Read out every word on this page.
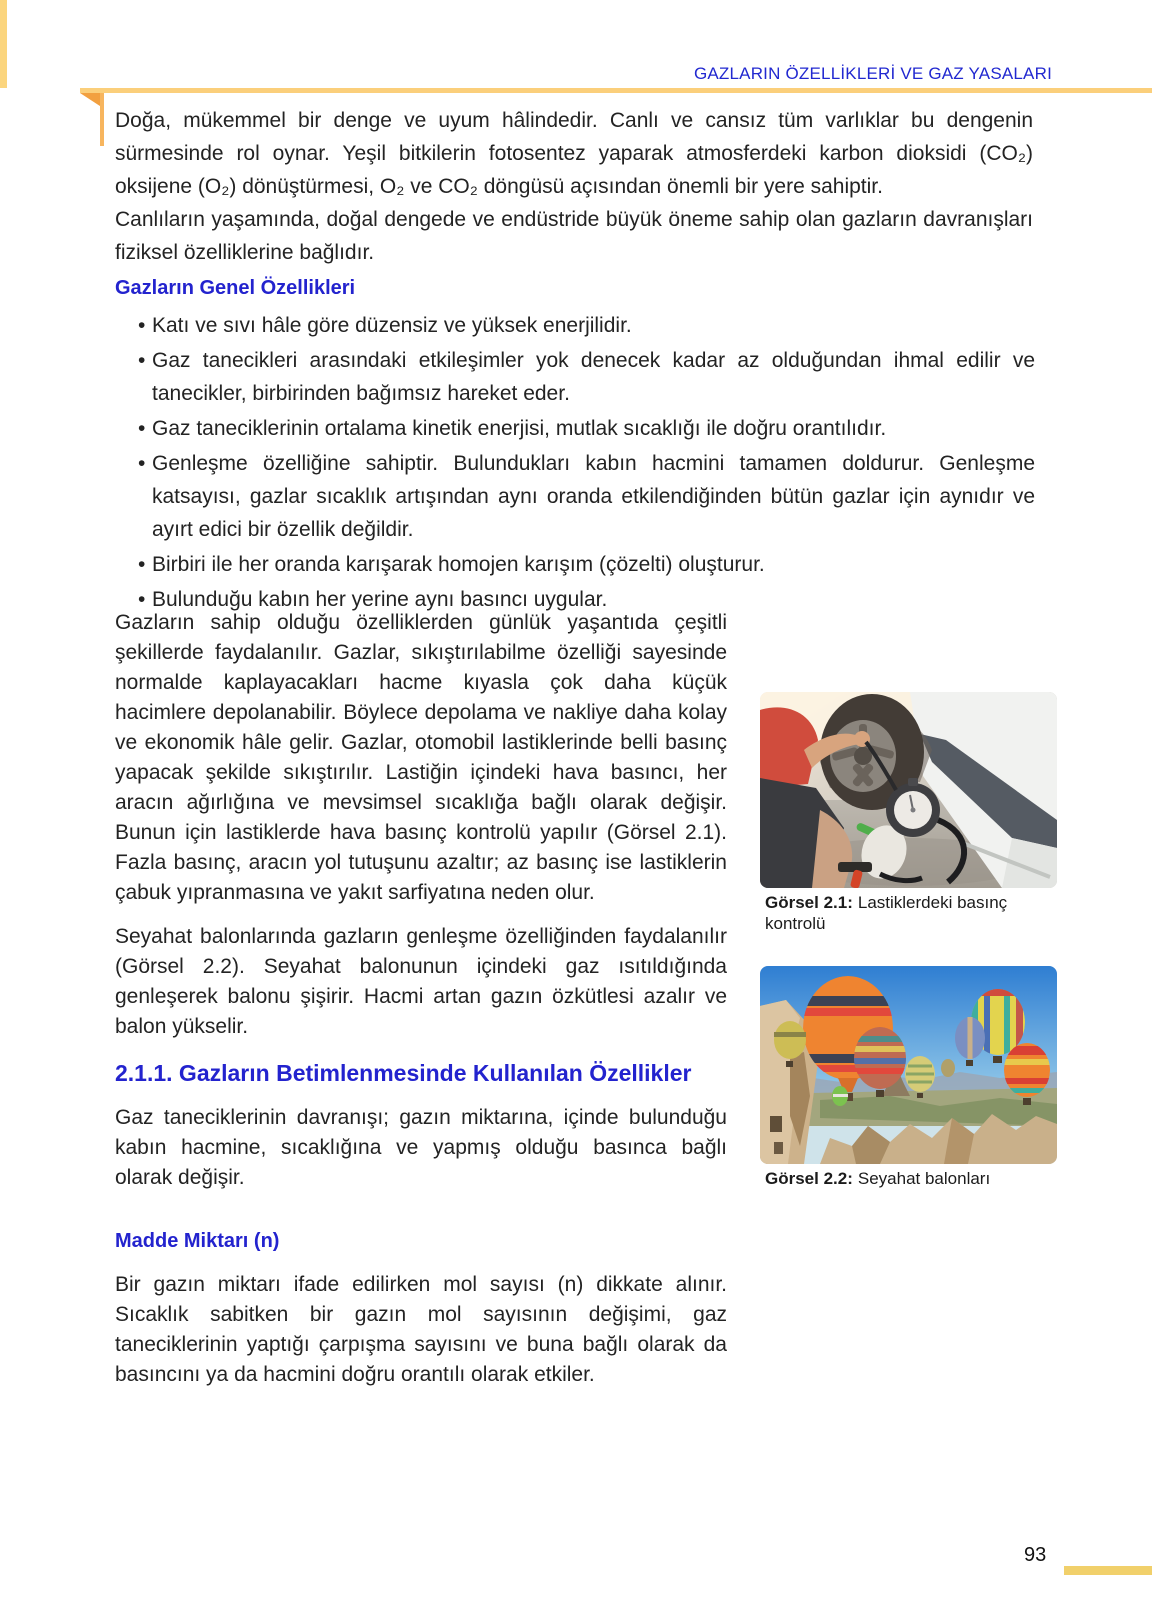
GAZLARIN ÖZELLİKLERİ VE GAZ YASALARI

Doğa, mükemmel bir denge ve uyum hâlindedir. Canlı ve cansız tüm varlıklar bu dengenin sürmesinde rol oynar. Yeşil bitkilerin fotosentez yaparak atmosferdeki karbon dioksidi (CO₂) oksijene (O₂) dönüştürmesi, O₂ ve CO₂ döngüsü açısından önemli bir yere sahiptir.

Canlıların yaşamında, doğal dengede ve endüstride büyük öneme sahip olan gazların davranışları fiziksel özelliklerine bağlıdır.

Gazların Genel Özellikleri
• Katı ve sıvı hâle göre düzensiz ve yüksek enerjilidir.
• Gaz tanecikleri arasındaki etkileşimler yok denecek kadar az olduğundan ihmal edilir ve tanecikler, birbirinden bağımsız hareket eder.
• Gaz taneciklerinin ortalama kinetik enerjisi, mutlak sıcaklığı ile doğru orantılıdır.
• Genleşme özelliğine sahiptir. Bulundukları kabın hacmini tamamen doldurur. Genleşme katsayısı, gazlar sıcaklık artışından aynı oranda etkilendiğinden bütün gazlar için aynıdır ve ayırt edici bir özellik değildir.
• Birbiri ile her oranda karışarak homojen karışım (çözelti) oluşturur.
• Bulunduğu kabın her yerine aynı basıncı uygular.

Gazların sahip olduğu özelliklerden günlük yaşantıda çeşitli şekillerde faydalanılır. Gazlar, sıkıştırılabilme özelliği sayesinde normalde kaplayacakları hacme kıyasla çok daha küçük hacimlere depolanabilir. Böylece depolama ve nakliye daha kolay ve ekonomik hâle gelir. Gazlar, otomobil lastiklerinde belli basınç yapacak şekilde sıkıştırılır. Lastiğin içindeki hava basıncı, her aracın ağırlığına ve mevsimsel sıcaklığa bağlı olarak değişir. Bunun için lastiklerde hava basınç kontrolü yapılır (Görsel 2.1). Fazla basınç, aracın yol tutuşunu azaltır; az basınç ise lastiklerin çabuk yıpranmasına ve yakıt sarfiyatına neden olur.

Seyahat balonlarında gazların genleşme özelliğinden faydalanılır (Görsel 2.2). Seyahat balonunun içindeki gaz ısıtıldığında genleşerek balonu şişirir. Hacmi artan gazın özkütlesi azalır ve balon yükselir.

Görsel 2.1: Lastiklerdeki basınç kontrolü
Görsel 2.2: Seyahat balonları
2.1.1. Gazların Betimlenmesinde Kullanılan Özellikler

Gaz taneciklerinin davranışı; gazın miktarına, içinde bulunduğu kabın hacmine, sıcaklığına ve yapmış olduğu basınca bağlı olarak değişir.

Madde Miktarı (n)

Bir gazın miktarı ifade edilirken mol sayısı (n) dikkate alınır. Sıcaklık sabitken bir gazın mol sayısının değişimi, gaz taneciklerinin yaptığı çarpışma sayısını ve buna bağlı olarak da basıncını ya da hacmini doğru orantılı olarak etkiler.

93
